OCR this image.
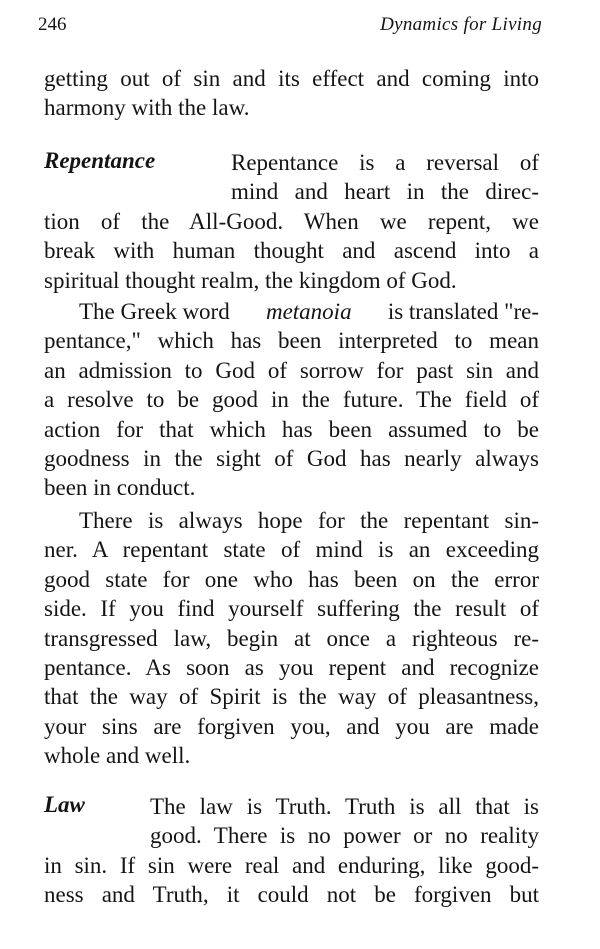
246	Dynamics for Living
getting out of sin and its effect and coming into
harmony with the law.
Repentance	Repentance is a reversal of
mind and heart in the direc-
tion of the All-Good. When we repent, we
break with human thought and ascend into a
spiritual thought realm, the kingdom of God.
The Greek word metanoia is translated "re-
pentance," which has been interpreted to mean
an admission to God of sorrow for past sin and
a resolve to be good in the future. The field of
action for that which has been assumed to be
goodness in the sight of God has nearly always
been in conduct.
There is always hope for the repentant sin-
ner. A repentant state of mind is an exceeding
good state for one who has been on the error
side. If you find yourself suffering the result of
transgressed law, begin at once a righteous re-
pentance. As soon as you repent and recognize
that the way of Spirit is the way of pleasantness,
your sins are forgiven you, and you are made
whole and well.
Law	The law is Truth. Truth is all that is
good. There is no power or no reality
in sin. If sin were real and enduring, like good-
ness and Truth, it could not be forgiven but
